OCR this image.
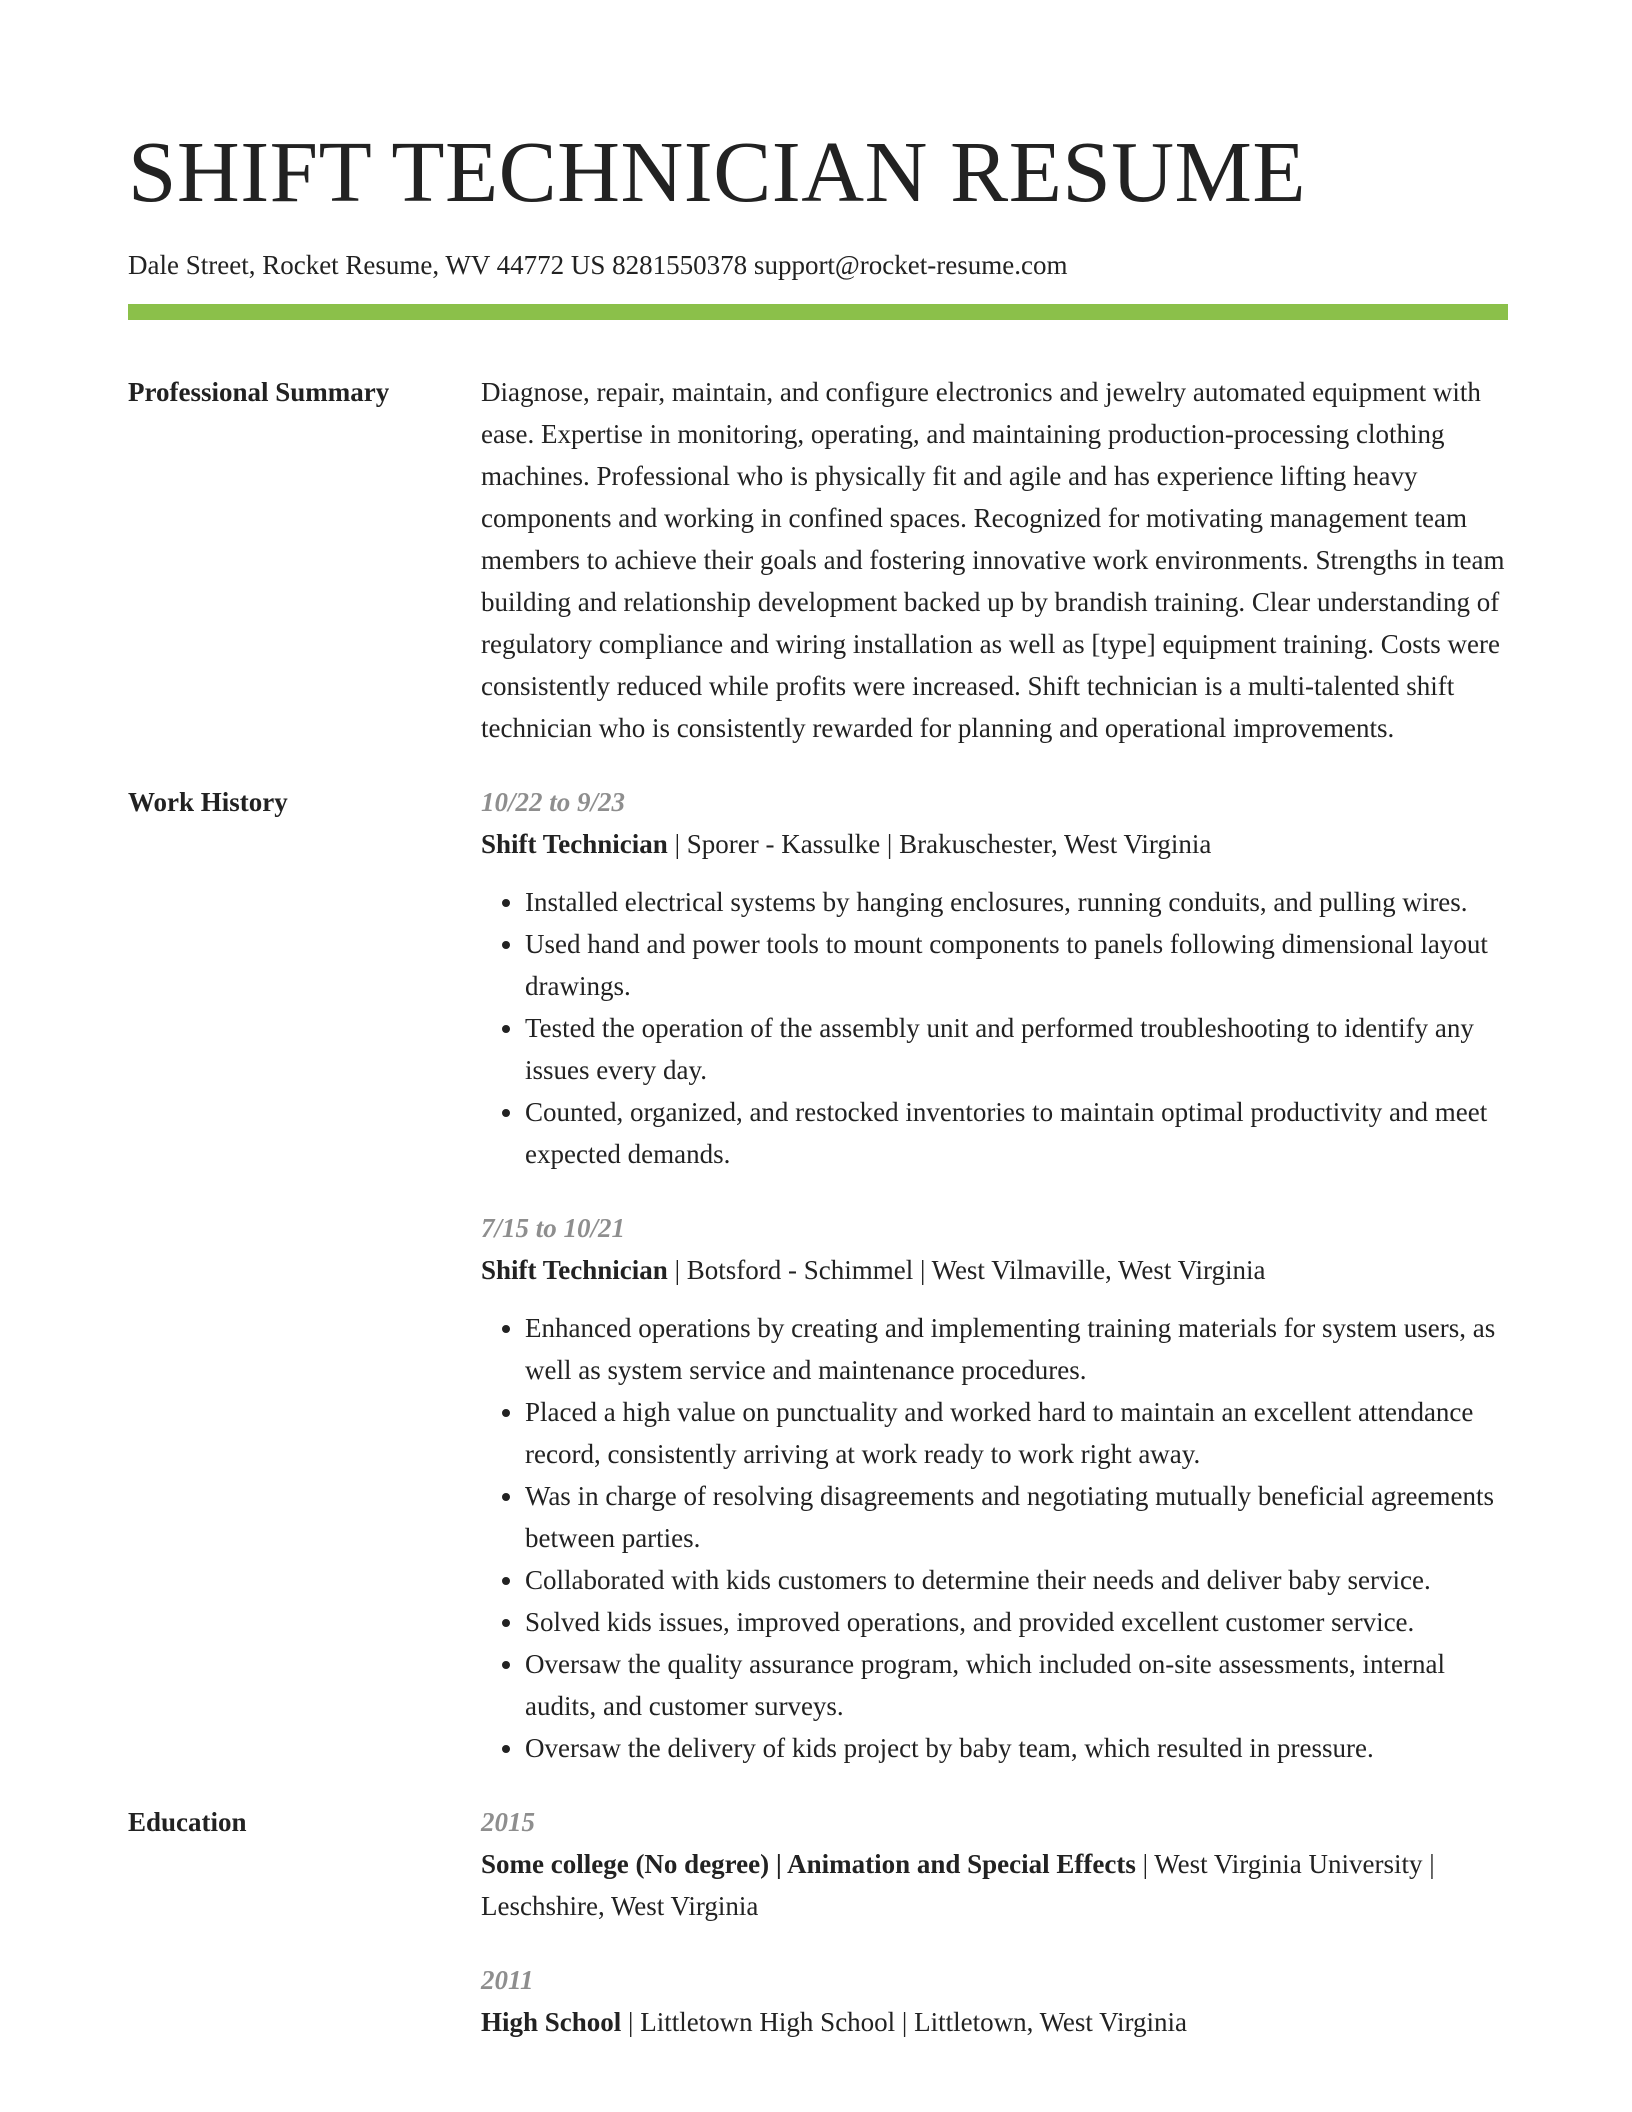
SHIFT TECHNICIAN RESUME
Dale Street, Rocket Resume, WV 44772 US 8281550378 support@rocket-resume.com
Professional Summary	Diagnose, repair, maintain, and configure electronics and jewelry automated equipment with ease. Expertise in monitoring, operating, and maintaining production-processing clothing machines. Professional who is physically fit and agile and has experience lifting heavy components and working in confined spaces. Recognized for motivating management team members to achieve their goals and fostering innovative work environments. Strengths in team building and relationship development backed up by brandish training. Clear understanding of regulatory compliance and wiring installation as well as [type] equipment training. Costs were consistently reduced while profits were increased. Shift technician is a multi-talented shift technician who is consistently rewarded for planning and operational improvements.

Work History	10/22 to 9/23

Shift Technician | Sporer - Kassulke | Brakuschester, West Virginia

• Installed electrical systems by hanging enclosures, running conduits, and pulling wires.
• Used hand and power tools to mount components to panels following dimensional layout drawings.
• Tested the operation of the assembly unit and performed troubleshooting to identify any issues every day.
• Counted, organized, and restocked inventories to maintain optimal productivity and meet expected demands.
7/15 to 10/21

Shift Technician | Botsford - Schimmel | West Vilmaville, West Virginia

• Enhanced operations by creating and implementing training materials for system users, as well as system service and maintenance procedures.
• Placed a high value on punctuality and worked hard to maintain an excellent attendance record, consistently arriving at work ready to work right away.
• Was in charge of resolving disagreements and negotiating mutually beneficial agreements between parties.
• Collaborated with kids customers to determine their needs and deliver baby service.
• Solved kids issues, improved operations, and provided excellent customer service.
• Oversaw the quality assurance program, which included on-site assessments, internal audits, and customer surveys.
• Oversaw the delivery of kids project by baby team, which resulted in pressure.
Education	2015

Some college (No degree) | Animation and Special Effects | West Virginia University | Leschshire, West Virginia

2011

High School | Littletown High School | Littletown, West Virginia
